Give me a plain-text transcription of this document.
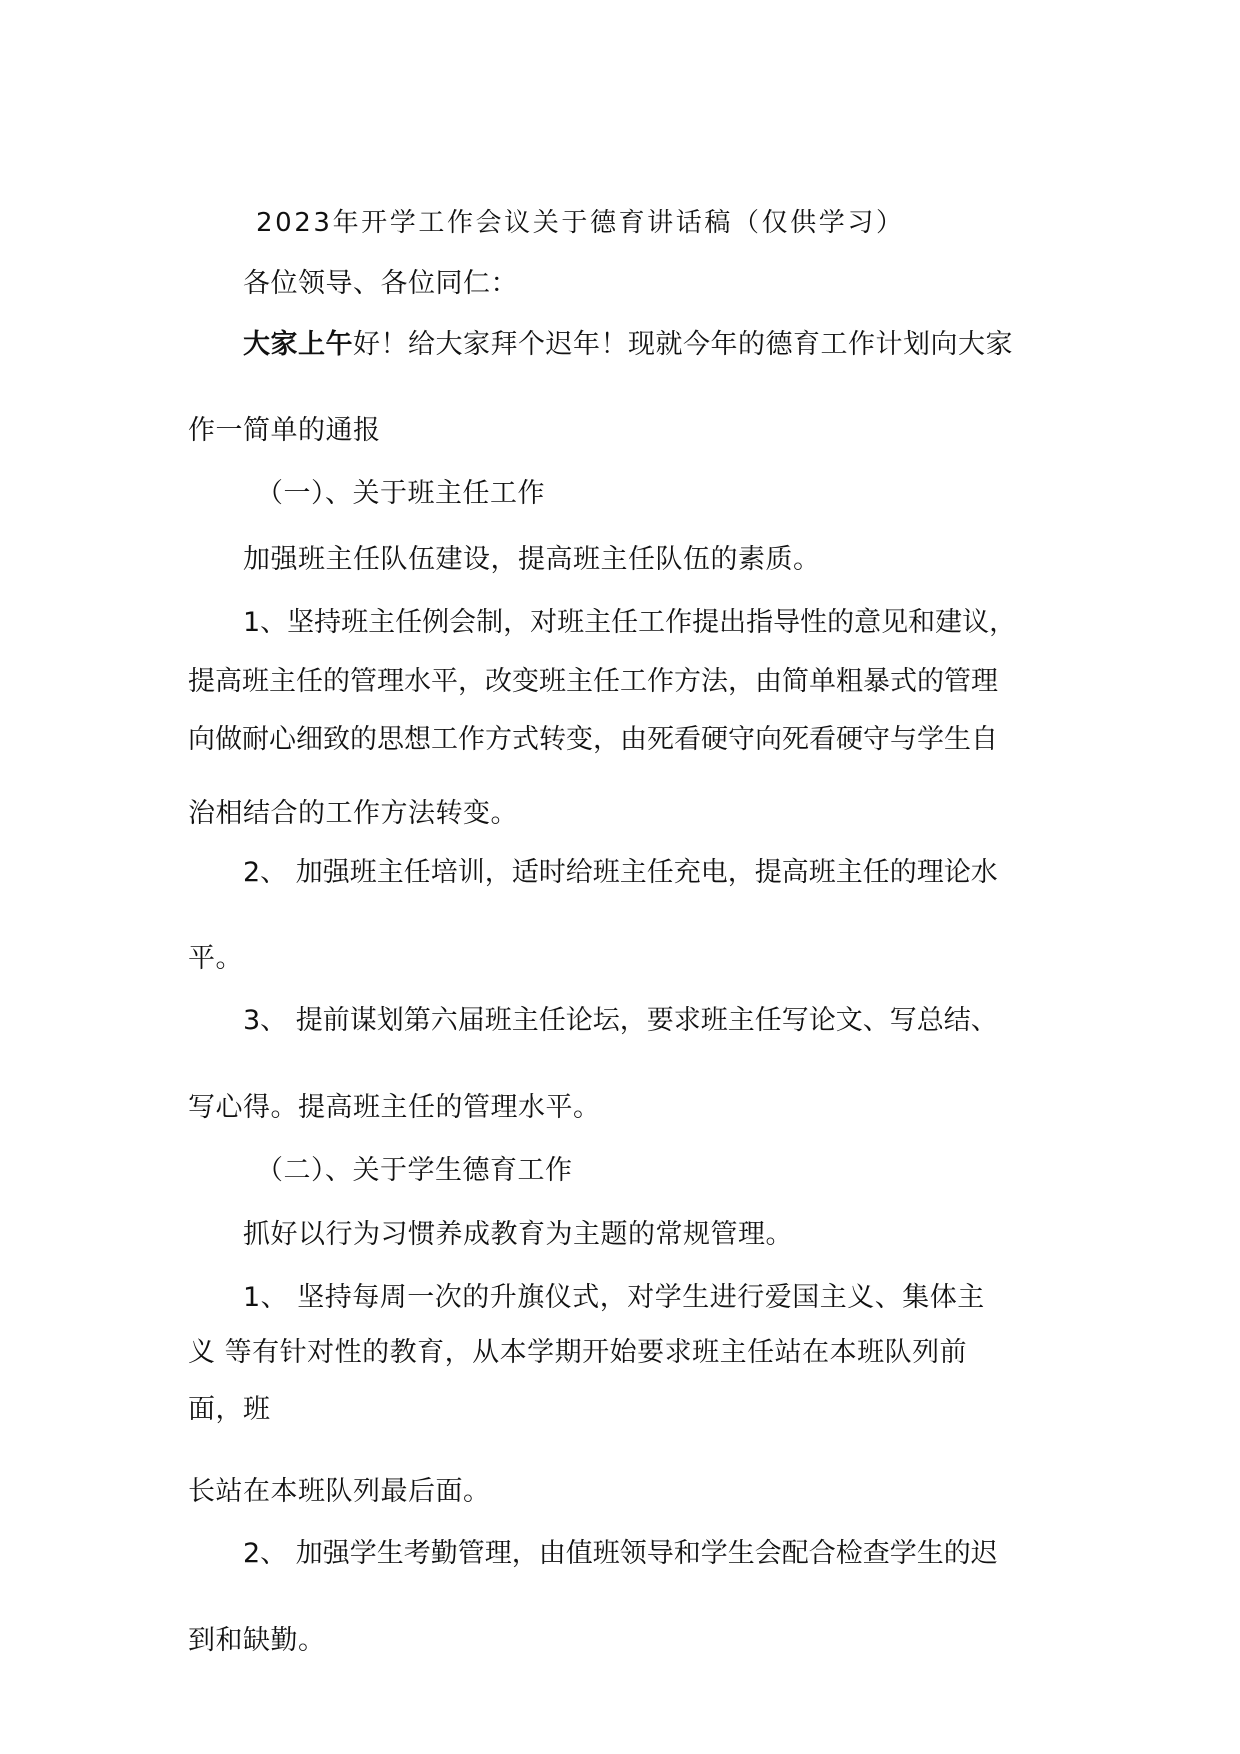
2023年开学工作会议关于德育讲话稿（仅供学习）

各位领导、各位同仁：

大家上午好！给大家拜个迟年！现就今年的德育工作计划向大家

作一简单的通报

（一）、关于班主任工作

加强班主任队伍建设，提高班主任队伍的素质。

1、坚持班主任例会制，对班主任工作提出指导性的意见和建议，

提高班主任的管理水平，改变班主任工作方法，由简单粗暴式的管理

向做耐心细致的思想工作方式转变，由死看硬守向死看硬守与学生自

治相结合的工作方法转变。

2、 加强班主任培训，适时给班主任充电，提高班主任的理论水

平。

3、 提前谋划第六届班主任论坛，要求班主任写论文、写总结、

写心得。提高班主任的管理水平。

（二）、关于学生德育工作

抓好以行为习惯养成教育为主题的常规管理。

1、 坚持每周一次的升旗仪式，对学生进行爱国主义、集体主

义 等有针对性的教育，从本学期开始要求班主任站在本班队列前

面，班

长站在本班队列最后面。

2、 加强学生考勤管理，由值班领导和学生会配合检查学生的迟

到和缺勤。
